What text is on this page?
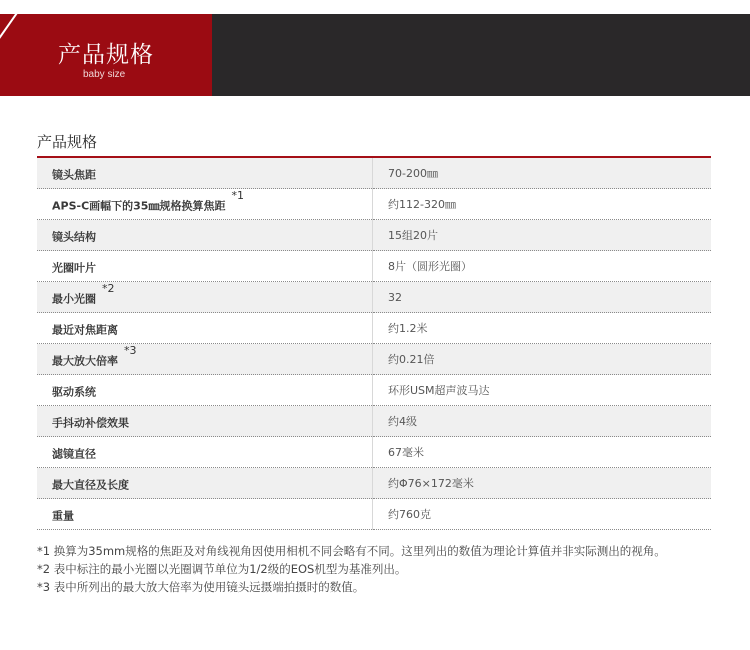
产品规格
baby size
产品规格
镜头焦距	70-200㎜
APS-C画幅下的35㎜规格换算焦距$^{*1}$	约112-320㎜
镜头结构	15组20片
光圈叶片	8片（圆形光圈）
最小光圈$^{*2}$	32
最近对焦距离	约1.2米
最大放大倍率$^{*3}$	约0.21倍
驱动系统	环形USM超声波马达
手抖动补偿效果	约4级
滤镜直径	67毫米
最大直径及长度	约Φ76×172毫米
重量	约760克
*1 换算为35mm规格的焦距及对角线视角因使用相机不同会略有不同。这里列出的数值为理论计算值并非实际测出的视角。
*2 表中标注的最小光圈以光圈调节单位为1/2级的EOS机型为基准列出。
*3 表中所列出的最大放大倍率为使用镜头远摄端拍摄时的数值。
